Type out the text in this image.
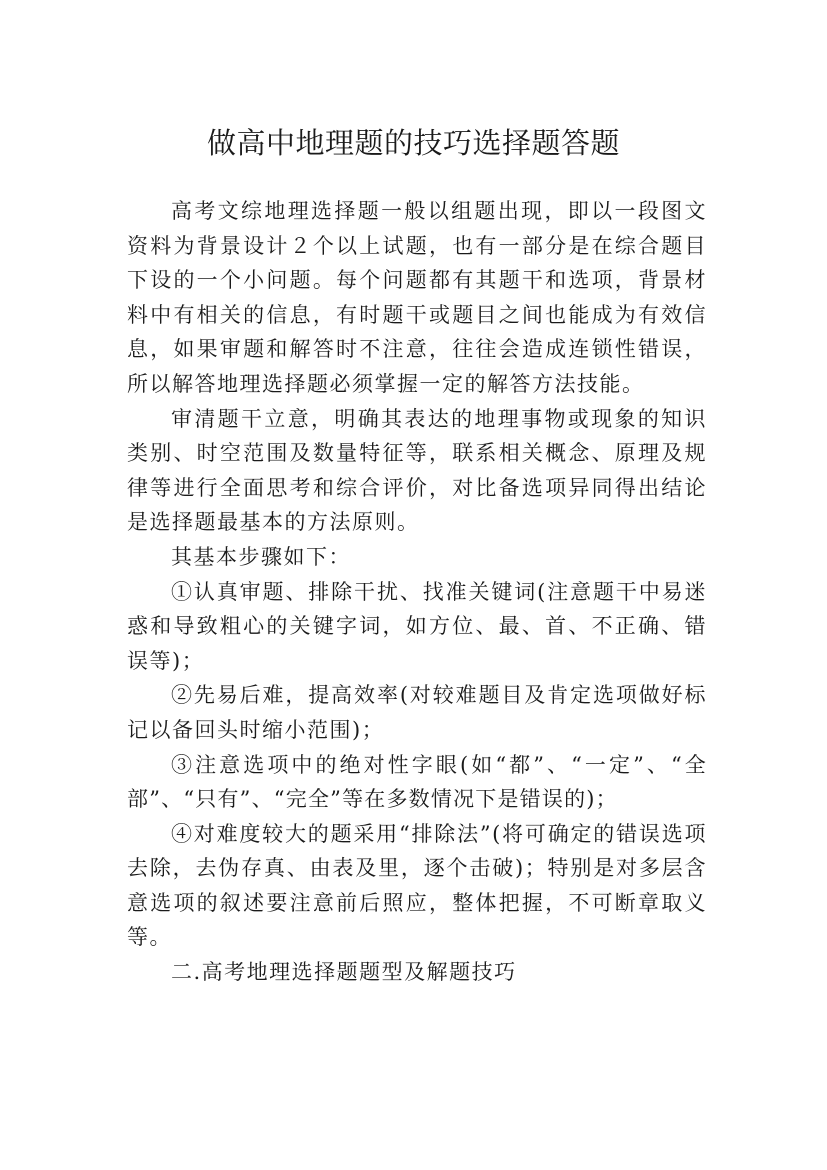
做高中地理题的技巧选择题答题

高考文综地理选择题一般以组题出现，即以一段图文资料为背景设计２个以上试题，也有一部分是在综合题目下设的一个小问题。每个问题都有其题干和选项，背景材料中有相关的信息，有时题干或题目之间也能成为有效信息，如果审题和解答时不注意，往往会造成连锁性错误，所以解答地理选择题必须掌握一定的解答方法技能。

审清题干立意，明确其表达的地理事物或现象的知识类别、时空范围及数量特征等，联系相关概念、原理及规律等进行全面思考和综合评价，对比备选项异同得出结论是选择题最基本的方法原则。

其基本步骤如下：

①认真审题、排除干扰、找准关键词(注意题干中易迷惑和导致粗心的关键字词，如方位、最、首、不正确、错误等)；

②先易后难，提高效率(对较难题目及肯定选项做好标记以备回头时缩小范围)；

③注意选项中的绝对性字眼(如“都”、“一定”、“全部”、“只有”、“完全”等在多数情况下是错误的)；

④对难度较大的题采用“排除法”(将可确定的错误选项去除，去伪存真、由表及里，逐个击破)；特别是对多层含意选项的叙述要注意前后照应，整体把握，不可断章取义等。

二.高考地理选择题题型及解题技巧
